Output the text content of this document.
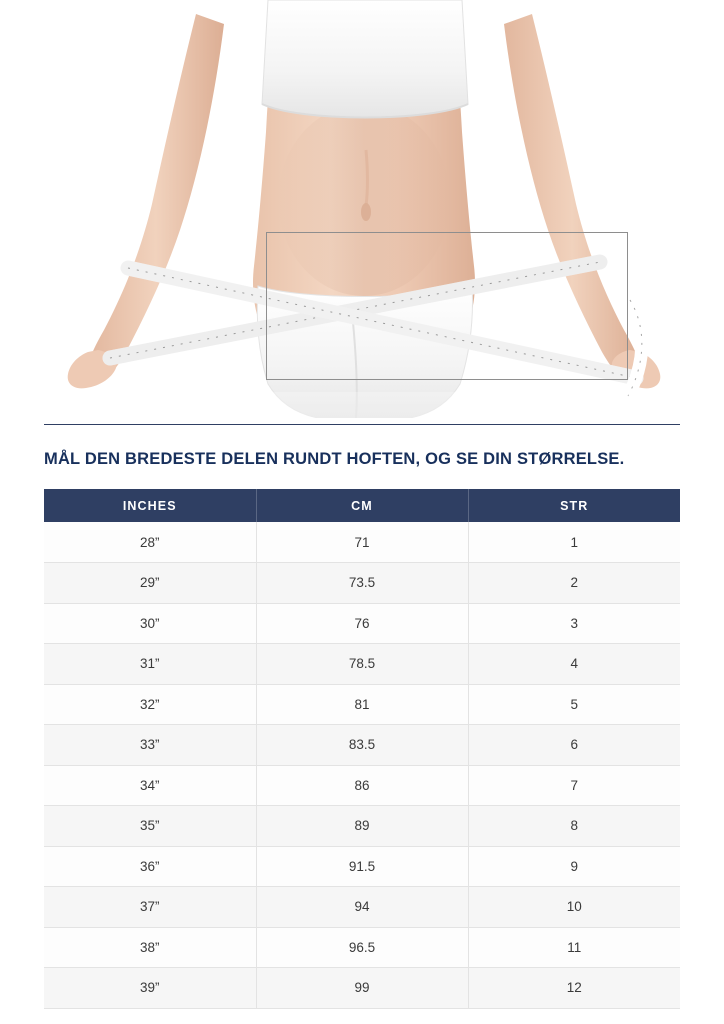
MÅL DEN BREDESTE DELEN RUNDT HOFTEN, OG SE DIN STØRRELSE.
INCHES	CM	STR
28”	71	1
29”	73.5	2
30”	76	3
31”	78.5	4
32”	81	5
33”	83.5	6
34”	86	7
35”	89	8
36”	91.5	9
37”	94	10
38”	96.5	11
39”	99	12
